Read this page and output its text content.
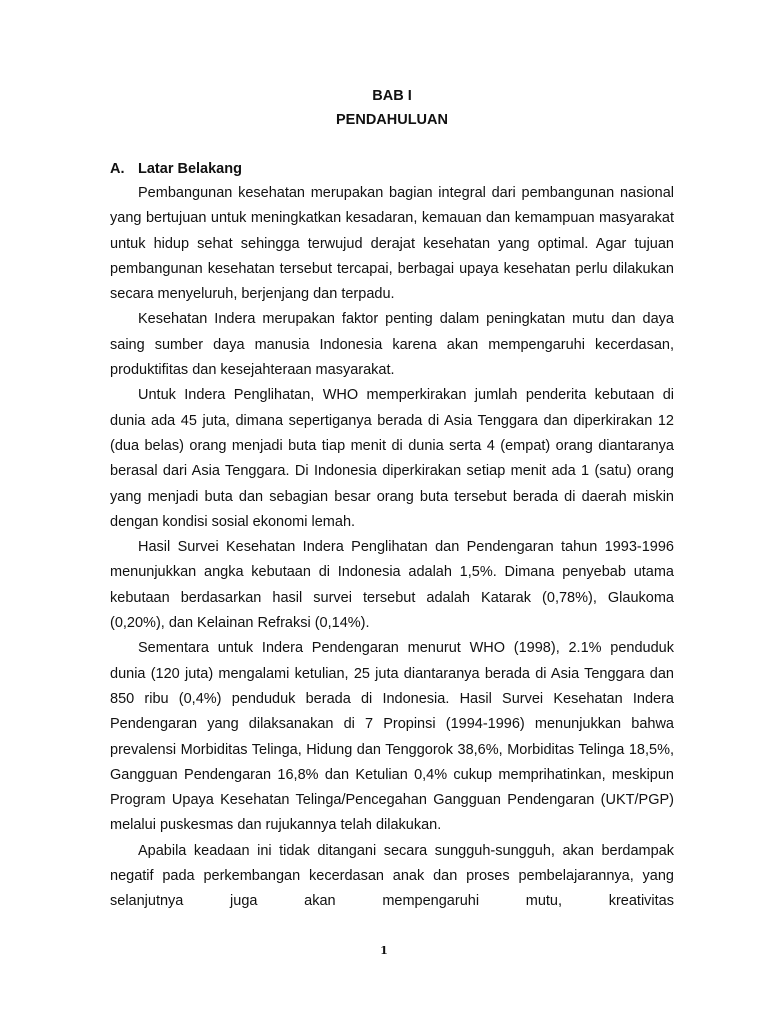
BAB I

PENDAHULUAN

A. Latar Belakang

Pembangunan kesehatan merupakan bagian integral dari pembangunan nasional yang bertujuan untuk meningkatkan kesadaran, kemauan dan kemampuan masyarakat untuk hidup sehat sehingga terwujud derajat kesehatan yang optimal. Agar tujuan pembangunan kesehatan tersebut tercapai, berbagai upaya kesehatan perlu dilakukan secara menyeluruh, berjenjang dan terpadu.

Kesehatan Indera merupakan faktor penting dalam peningkatan mutu dan daya saing sumber daya manusia Indonesia karena akan mempengaruhi kecerdasan, produktifitas dan kesejahteraan masyarakat.

Untuk Indera Penglihatan, WHO memperkirakan jumlah penderita kebutaan di dunia ada 45 juta, dimana sepertiganya berada di Asia Tenggara dan diperkirakan 12 (dua belas) orang menjadi buta tiap menit di dunia serta 4 (empat) orang diantaranya berasal dari Asia Tenggara. Di Indonesia diperkirakan setiap menit ada 1 (satu) orang yang menjadi buta dan sebagian besar orang buta tersebut berada di daerah miskin dengan kondisi sosial ekonomi lemah.

Hasil Survei Kesehatan Indera Penglihatan dan Pendengaran tahun 1993-1996 menunjukkan angka kebutaan di Indonesia adalah 1,5%. Dimana penyebab utama kebutaan berdasarkan hasil survei tersebut adalah Katarak (0,78%), Glaukoma (0,20%), dan Kelainan Refraksi (0,14%).

Sementara untuk Indera Pendengaran menurut WHO (1998), 2.1% penduduk dunia (120 juta) mengalami ketulian, 25 juta diantaranya berada di Asia Tenggara dan 850 ribu (0,4%) penduduk berada di Indonesia. Hasil Survei Kesehatan Indera Pendengaran yang dilaksanakan di 7 Propinsi (1994-1996) menunjukkan bahwa prevalensi Morbiditas Telinga, Hidung dan Tenggorok 38,6%, Morbiditas Telinga 18,5%, Gangguan Pendengaran 16,8% dan Ketulian 0,4% cukup memprihatinkan, meskipun Program Upaya Kesehatan Telinga/Pencegahan Gangguan Pendengaran (UKT/PGP) melalui puskesmas dan rujukannya telah dilakukan.

Apabila keadaan ini tidak ditangani secara sungguh-sungguh, akan berdampak negatif pada perkembangan kecerdasan anak dan proses pembelajarannya, yang selanjutnya juga akan mempengaruhi mutu, kreativitas

1
